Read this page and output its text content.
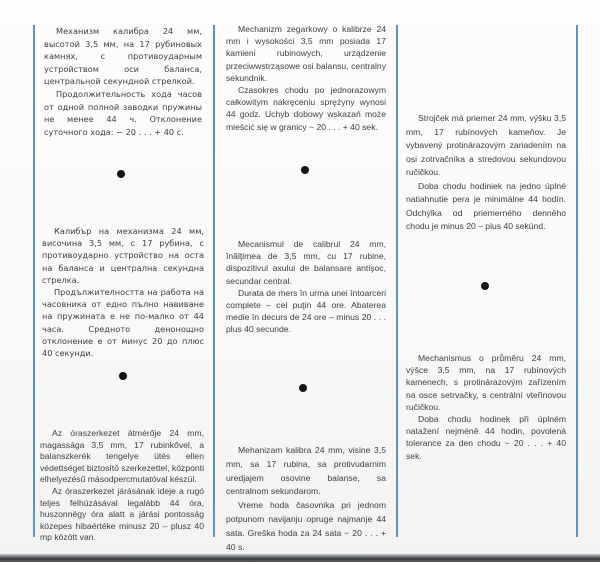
Механизм калибра 24 мм, высотой 3,5 мм, на 17 рубиновых камнях, с противоударным устройством оси баланса, центральной секундной стрелкой.

Продолжительность хода часов от одной полной заводки пружины не менее 44 ч. Отклонение суточного хода: − 20 . . . + 40 с.

Mechanizm zegarkowy o kalibrze 24 mm i wysokości 3,5 mm posiada 17 kamieni rubinowych, urządzenie przeciwwstrząsowe osi balansu, centralny sekundnik.

Czasokres chodu po jednorazowym całkowitym nakręceniu sprężyny wynosi 44 godz. Uchyb dobowy wskazań może mieścić się w granicy − 20 . . . + 40 sek.

Strojček má priemer 24 mm, výšku 3,5 mm, 17 rubínových kameňov. Je vybavený protinárazovým zariadením na osi zotrvačníka a stredovou sekundovou ručičkou.

Doba chodu hodiniek na jedno úplné natiahnutie pera je minimálne 44 hodín. Odchýlka od priemerného denného chodu je minus 20 – plus 40 sekúnd.

Калибър на механизма 24 мм, височина 3,5 мм, с 17 рубина, с противоударно устройство на оста на баланса и централна секундна стрелка.

Продължителността на работа на часовника от едно пълно навиване на пружината е не по-малко от 44 часа. Средното денонощно отклонение е от минус 20 до плюс 40 секунди.

Mecanismul de calibrul 24 mm, înălţimea de 3,5 mm, cu 17 rubine, dispozitivul axului de balansare antişoc, secundar central.

Durata de mers în urma unei întoarceri complete – cel puţin 44 ore. Abaterea medie în decurs de 24 ore – minus 20 . . . plus 40 secunde.

Mechanismus o průměru 24 mm, výšce 3,5 mm, na 17 rubínových kamenech, s protinárazovým zařízením na osce setrvačky, s centrální vteřinovou ručičkou.

Doba chodu hodinek při úplném natažení nejméně 44 hodin, povolená tolerance za den chodu − 20 . . . + 40 sek.

Az óraszerkezet átmérője 24 mm, magassága 3,5 mm, 17 rubinkővel, a balanszkerék tengelye ütés ellen védettséget biztosító szerkezettel, központi elhelyezésű másodpercmutatóval készül.

Az óraszerkezet járásának ideje a rugó teljes felhúzásával legalább 44 óra, huszonnégy óra alatt a járási pontosság közepes hibaértéke minusz 20 – plusz 40 mp között van.

Mehanizam kalibra 24 mm, visine 3,5 mm, sa 17 rubina, sa protivudarnim uredjajem osovine balanse, sa centralnom sekundarom.

Vreme hoda časovnika pri jednom potpunom navijanju opruge najmanje 44 sata. Greška hoda za 24 sata − 20 . . . + 40 s.
